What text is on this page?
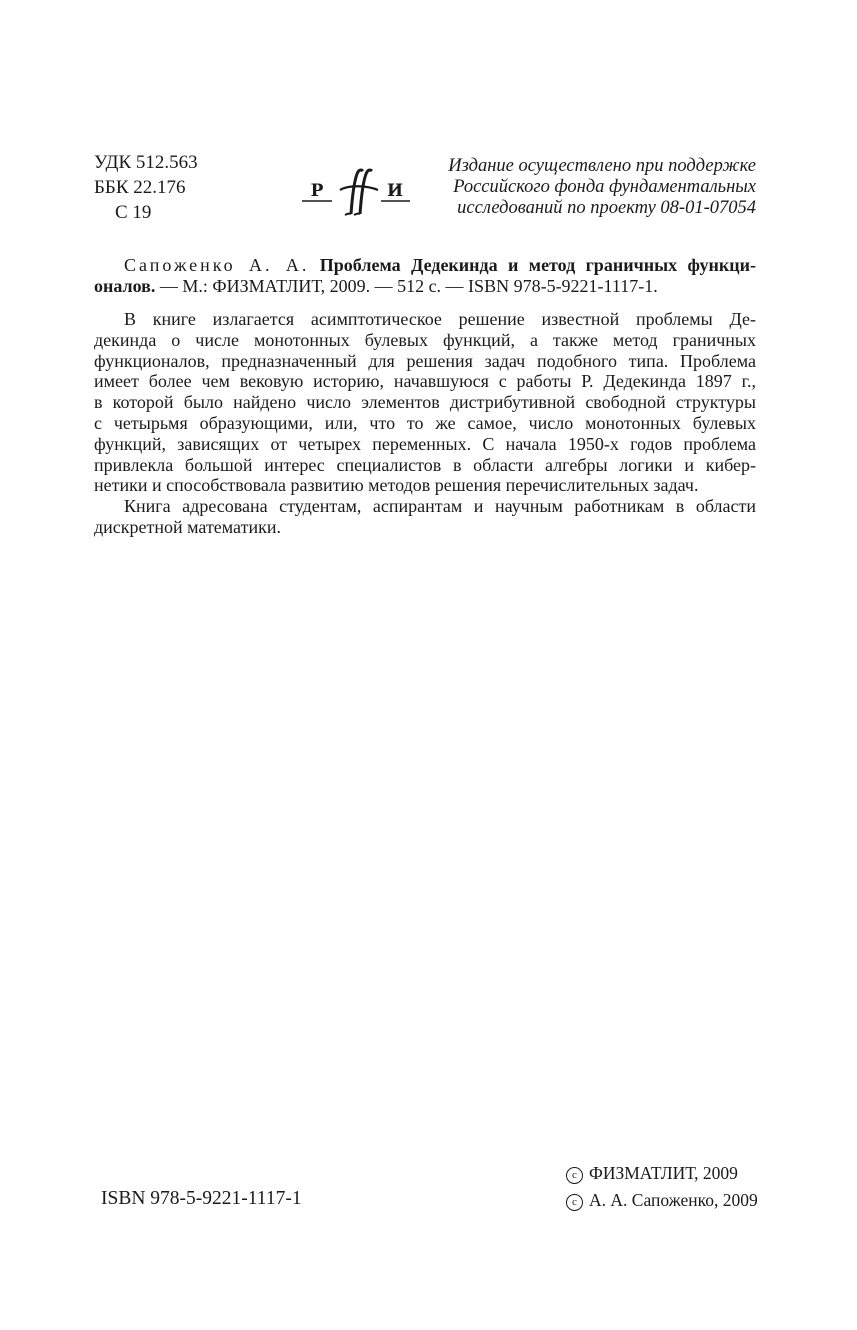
УДК 512.563
ББК 22.176
С 19
Р	И
Издание осуществлено при поддержке
Российского фонда фундаментальных
исследований по проекту 08-01-07054
Сапоженко А. А. Проблема Дедекинда и метод граничных функци-
оналов. — М.: ФИЗМАТЛИТ, 2009. — 512 с. — ISBN 978-5-9221-1117-1.
В книге излагается асимптотическое решение известной проблемы Де-
декинда о числе монотонных булевых функций, а также метод граничных
функционалов, предназначенный для решения задач подобного типа. Проблема
имеет более чем вековую историю, начавшуюся с работы Р. Дедекинда 1897 г.,
в которой было найдено число элементов дистрибутивной свободной структуры
с четырьмя образующими, или, что то же самое, число монотонных булевых
функций, зависящих от четырех переменных. С начала 1950-х годов проблема
привлекла большой интерес специалистов в области алгебры логики и кибер-
нетики и способствовала развитию методов решения перечислительных задач.
Книга адресована студентам, аспирантам и научным работникам в области
дискретной математики.
ISBN 978-5-9221-1117-1
c ФИЗМАТЛИТ, 2009
c А. А. Сапоженко, 2009
